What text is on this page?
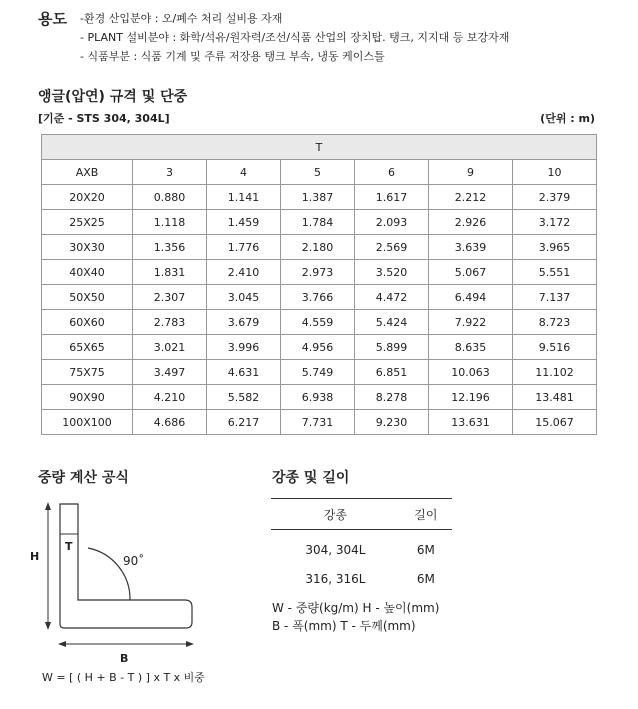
용도 -환경 산입분야 : 오/폐수 처리 설비용 자재
- PLANT 설비분야 : 화학/석유/원자력/조선/식품 산업의 장치탑. 탱크, 지지대 등 보강자재
- 식품부분 : 식품 기계 및 주류 저장용 탱크 부속, 냉동 케이스틀
앵글(압연) 규격 및 단중
[기준 - STS 304, 304L]	(단위 : m)
T						
AXB	3	4	5	6	9	10
20X20	0.880	1.141	1.387	1.617	2.212	2.379
25X25	1.118	1.459	1.784	2.093	2.926	3.172
30X30	1.356	1.776	2.180	2.569	3.639	3.965
40X40	1.831	2.410	2.973	3.520	5.067	5.551
50X50	2.307	3.045	3.766	4.472	6.494	7.137
60X60	2.783	3.679	4.559	5.424	7.922	8.723
65X65	3.021	3.996	4.956	5.899	8.635	9.516
75X75	3.497	4.631	5.749	6.851	10.063	11.102
90X90	4.210	5.582	6.938	8.278	12.196	13.481
100X100	4.686	6.217	7.731	9.230	13.631	15.067
중량 계산 공식
H
T
B
90˚
W = [ ( H + B - T ) ] x T x 비중
강종 및 길이
강종	길이
304, 304L	6M
316, 316L	6M
W - 중량(kg/m) H - 높이(mm)
B - 폭(mm) T - 두께(mm)
